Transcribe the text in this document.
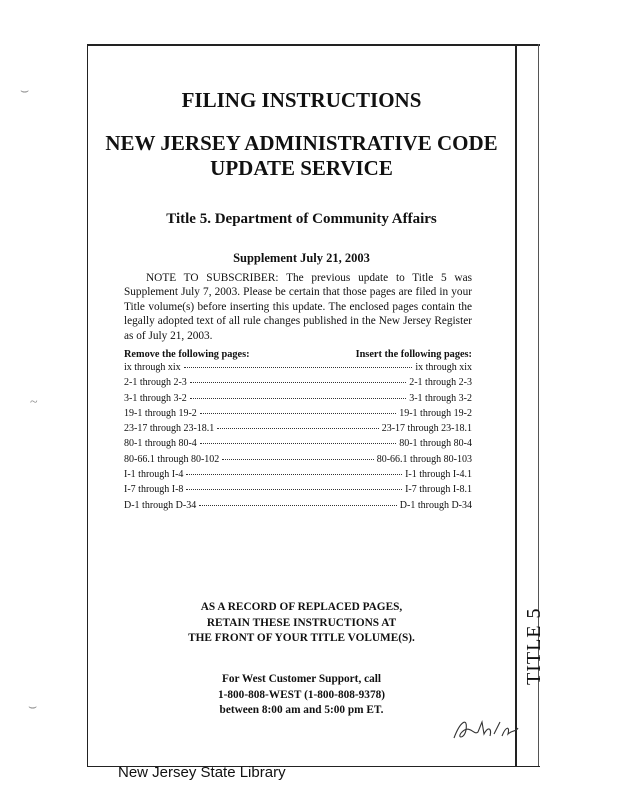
TITLE 5
FILING INSTRUCTIONS
NEW JERSEY ADMINISTRATIVE CODE
UPDATE SERVICE
Title 5. Department of Community Affairs
Supplement July 21, 2003
NOTE TO SUBSCRIBER: The previous update to Title 5 was Supplement July 7, 2003. Please be certain that those pages are filed in your Title volume(s) before inserting this update. The enclosed pages contain the legally adopted text of all rule changes published in the New Jersey Register as of July 21, 2003.
Remove the following pages:	Insert the following pages:
ix through xix	ix through xix
2-1 through 2-3	2-1 through 2-3
3-1 through 3-2	3-1 through 3-2
19-1 through 19-2	19-1 through 19-2
23-17 through 23-18.1	23-17 through 23-18.1
80-1 through 80-4	80-1 through 80-4
80-66.1 through 80-102	80-66.1 through 80-103
I-1 through I-4	I-1 through I-4.1
I-7 through I-8	I-7 through I-8.1
D-1 through D-34	D-1 through D-34
AS A RECORD OF REPLACED PAGES,
RETAIN THESE INSTRUCTIONS AT
THE FRONT OF YOUR TITLE VOLUME(S).
For West Customer Support, call
1-800-808-WEST (1-800-808-9378)
between 8:00 am and 5:00 pm ET.
New Jersey State Library
⌣
~
⌣
